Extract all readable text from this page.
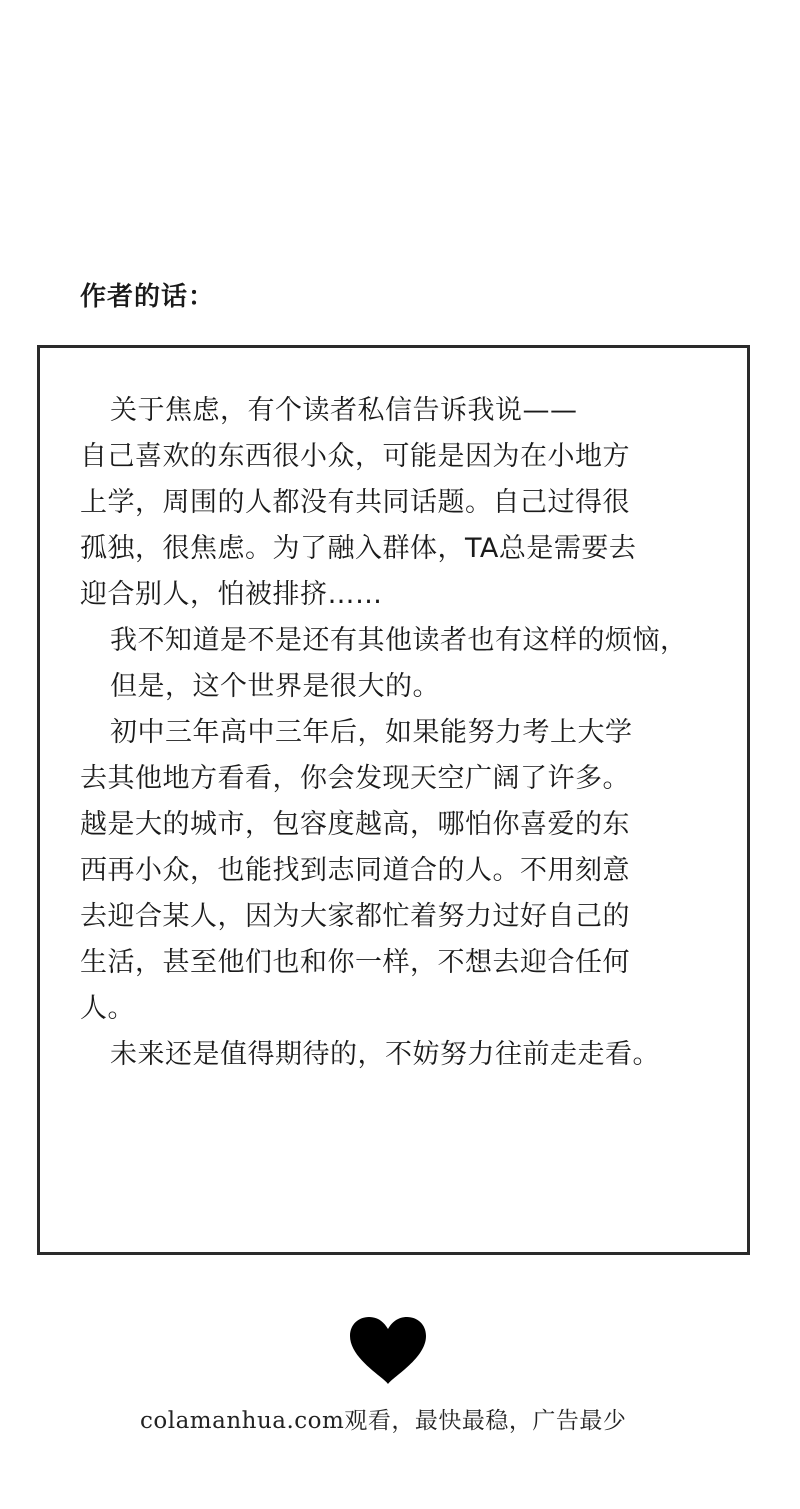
作者的话：
关于焦虑，有个读者私信告诉我说——
自己喜欢的东西很小众，可能是因为在小地方
上学，周围的人都没有共同话题。自己过得很
孤独，很焦虑。为了融入群体，TA总是需要去
迎合别人，怕被排挤……
我不知道是不是还有其他读者也有这样的烦恼，
但是，这个世界是很大的。
初中三年高中三年后，如果能努力考上大学
去其他地方看看，你会发现天空广阔了许多。
越是大的城市，包容度越高，哪怕你喜爱的东
西再小众，也能找到志同道合的人。不用刻意
去迎合某人，因为大家都忙着努力过好自己的
生活，甚至他们也和你一样，不想去迎合任何
人。
未来还是值得期待的，不妨努力往前走走看。
colamanhua.com观看，最快最稳，广告最少
